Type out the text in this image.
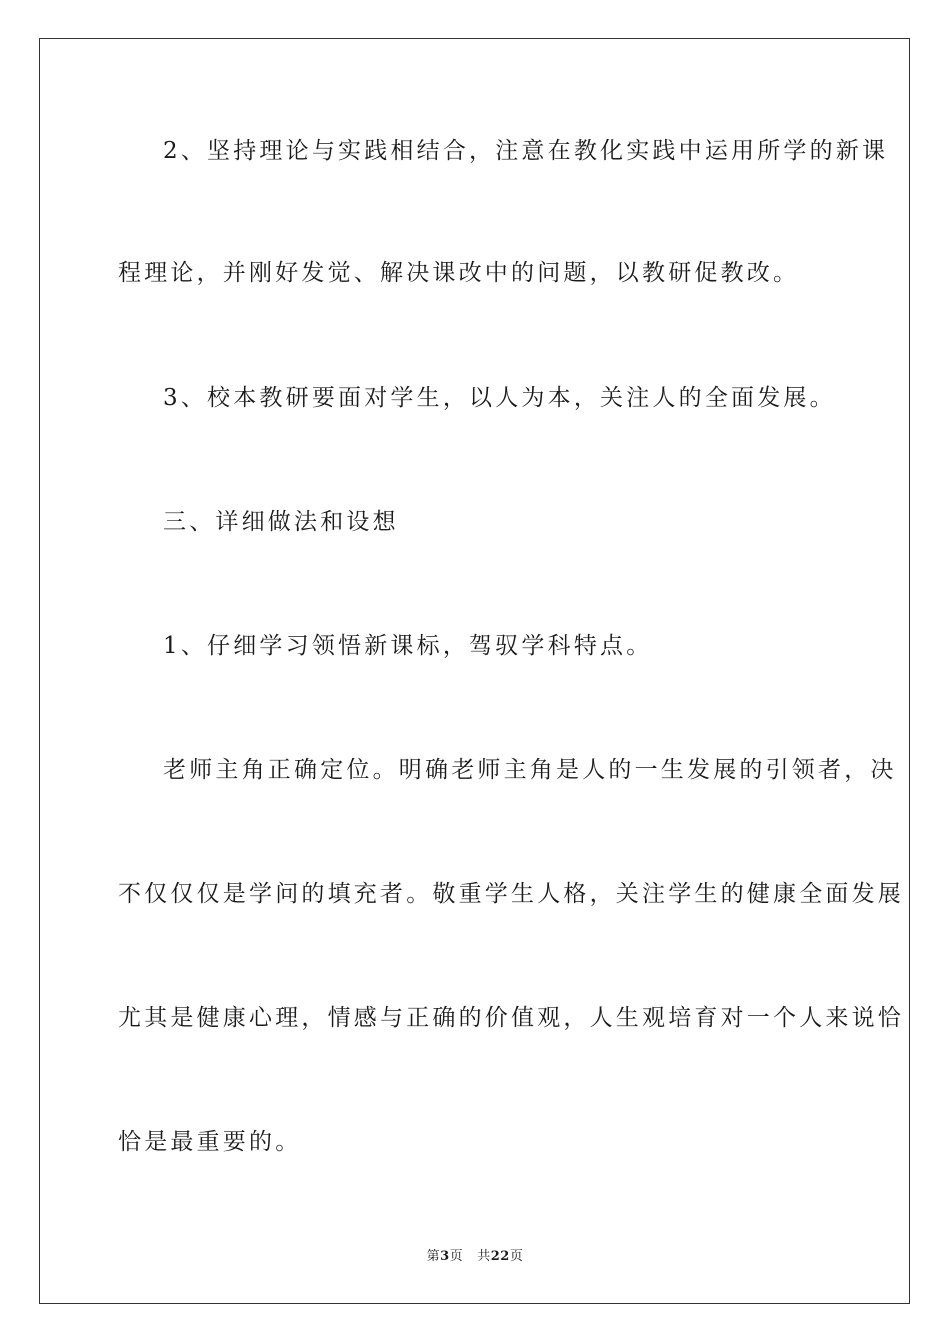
2、坚持理论与实践相结合，注意在教化实践中运用所学的新课
程理论，并刚好发觉、解决课改中的问题，以教研促教改。
3、校本教研要面对学生，以人为本，关注人的全面发展。
三、详细做法和设想
1、仔细学习领悟新课标，驾驭学科特点。
老师主角正确定位。明确老师主角是人的一生发展的引领者，决
不仅仅仅是学问的填充者。敬重学生人格，关注学生的健康全面发展
尤其是健康心理，情感与正确的价值观，人生观培育对一个人来说恰
恰是最重要的。
第3页 共22页
